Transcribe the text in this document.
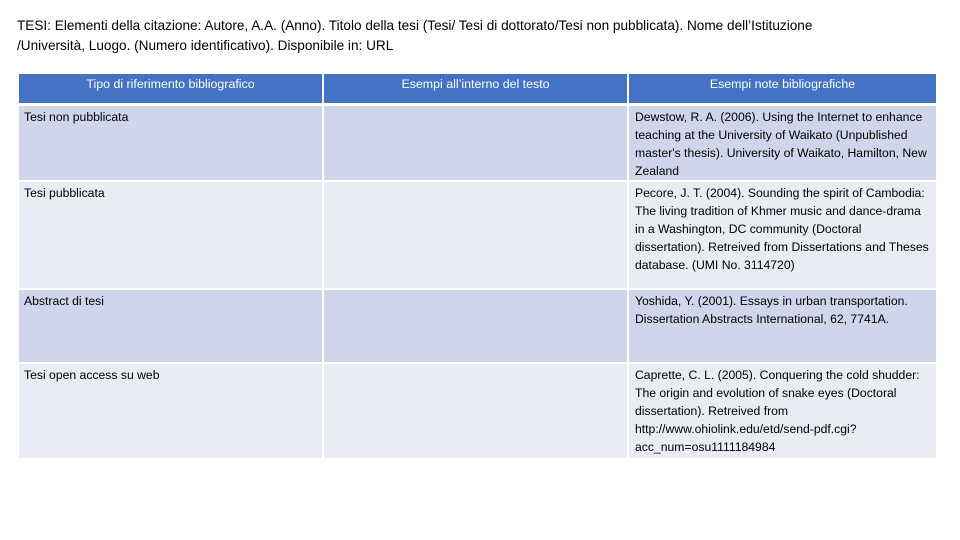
TESI: Elementi della citazione: Autore, A.A. (Anno). Titolo della tesi (Tesi/ Tesi di dottorato/Tesi non pubblicata). Nome dell’Istituzione
/Università, Luogo. (Numero identificativo). Disponibile in: URL
Tipo di riferimento bibliografico	Esempi all’interno del testo	Esempi note bibliografiche
Tesi non pubblicata		Dewstow, R. A. (2006). Using the Internet to enhance teaching at the University of Waikato (Unpublished master's thesis). University of Waikato, Hamilton, New Zealand
Tesi pubblicata		Pecore, J. T. (2004). Sounding the spirit of Cambodia: The living tradition of Khmer music and dance-drama in a Washington, DC community (Doctoral dissertation). Retreived from Dissertations and Theses database. (UMI No. 3114720)
Abstract di tesi		Yoshida, Y. (2001). Essays in urban transportation. Dissertation Abstracts International, 62, 7741A.
Tesi open access su web		Caprette, C. L. (2005). Conquering the cold shudder: The origin and evolution of snake eyes (Doctoral dissertation). Retreived from http://www.ohiolink.edu/etd/send-pdf.cgi?acc_num=osu1111184984
